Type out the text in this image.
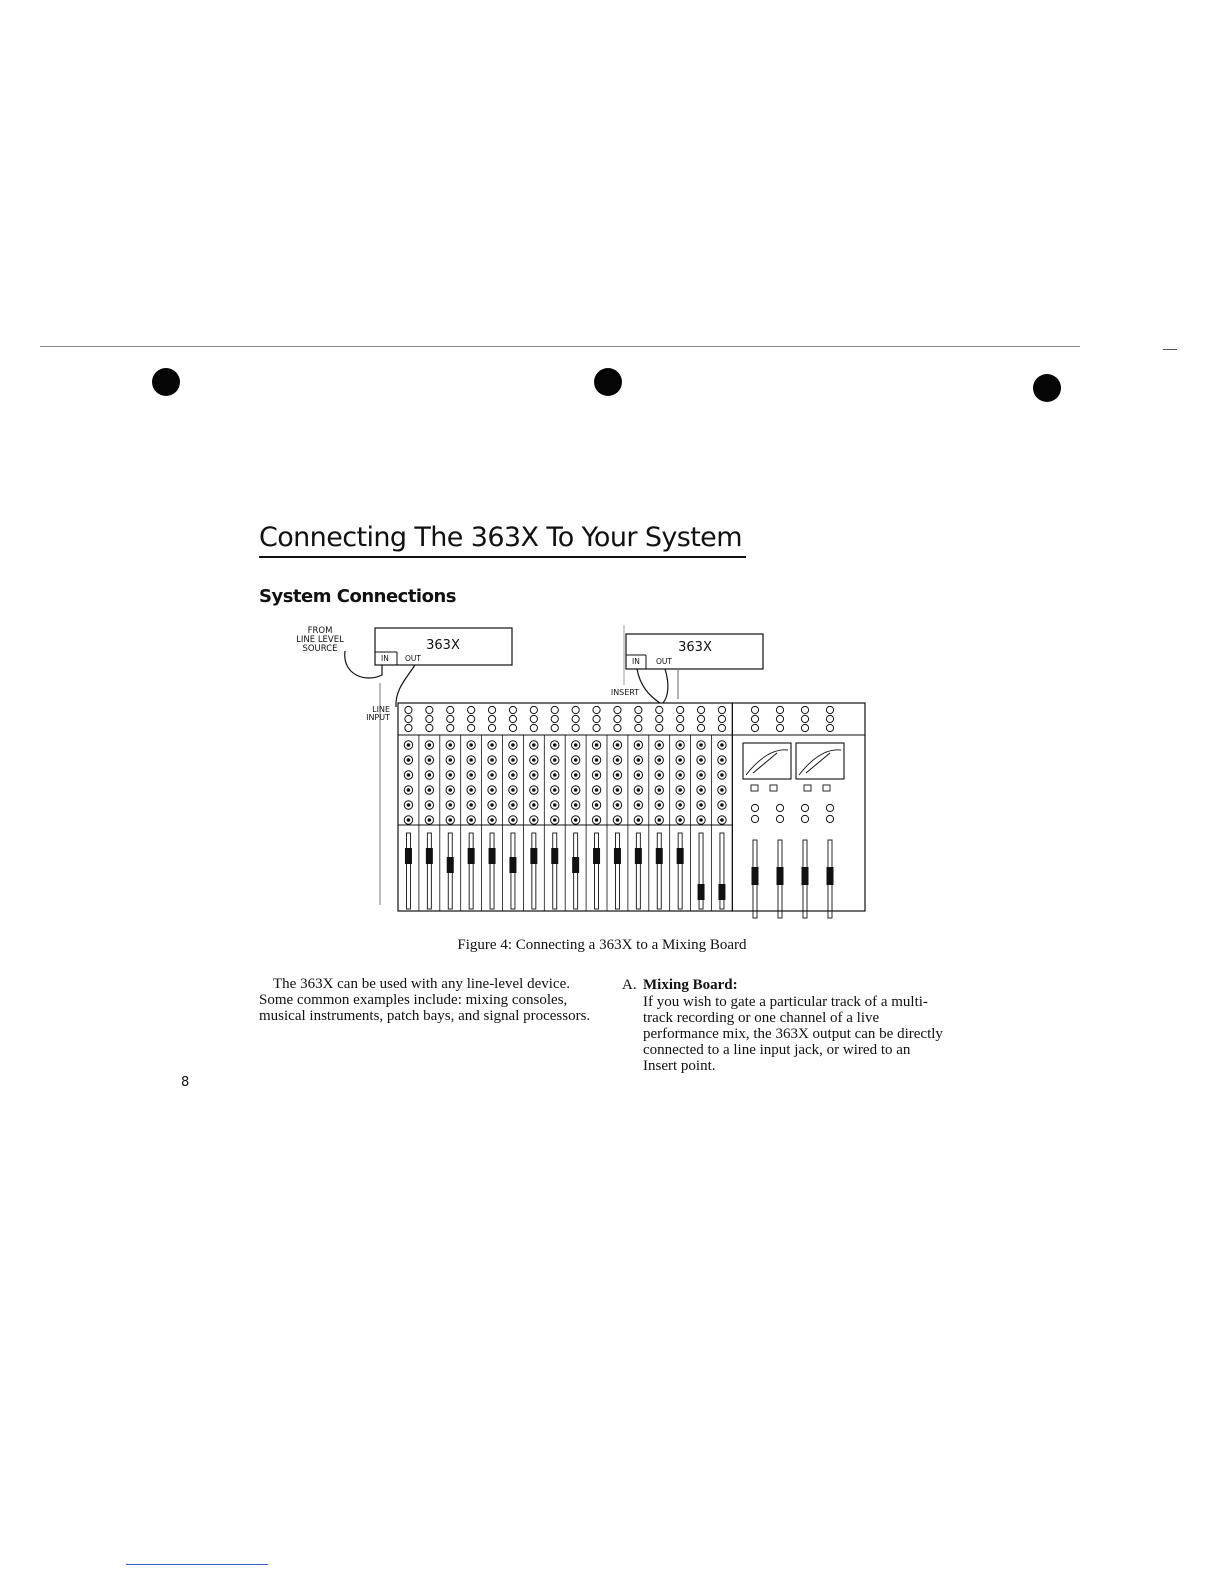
Connecting The 363X To Your System
System Connections
FROM
LINE LEVEL
SOURCE	363X
IN OUT
363X
IN OUT
INSERT
LINE
INPUT
Figure 4: Connecting a 363X to a Mixing Board

The 363X can be used with any line-level device. Some common examples include: mixing consoles, musical instruments, patch bays, and signal processors.

A. Mixing Board:

If you wish to gate a particular track of a multi-track recording or one channel of a live performance mix, the 363X output can be directly connected to a line input jack, or wired to an Insert point.

8
